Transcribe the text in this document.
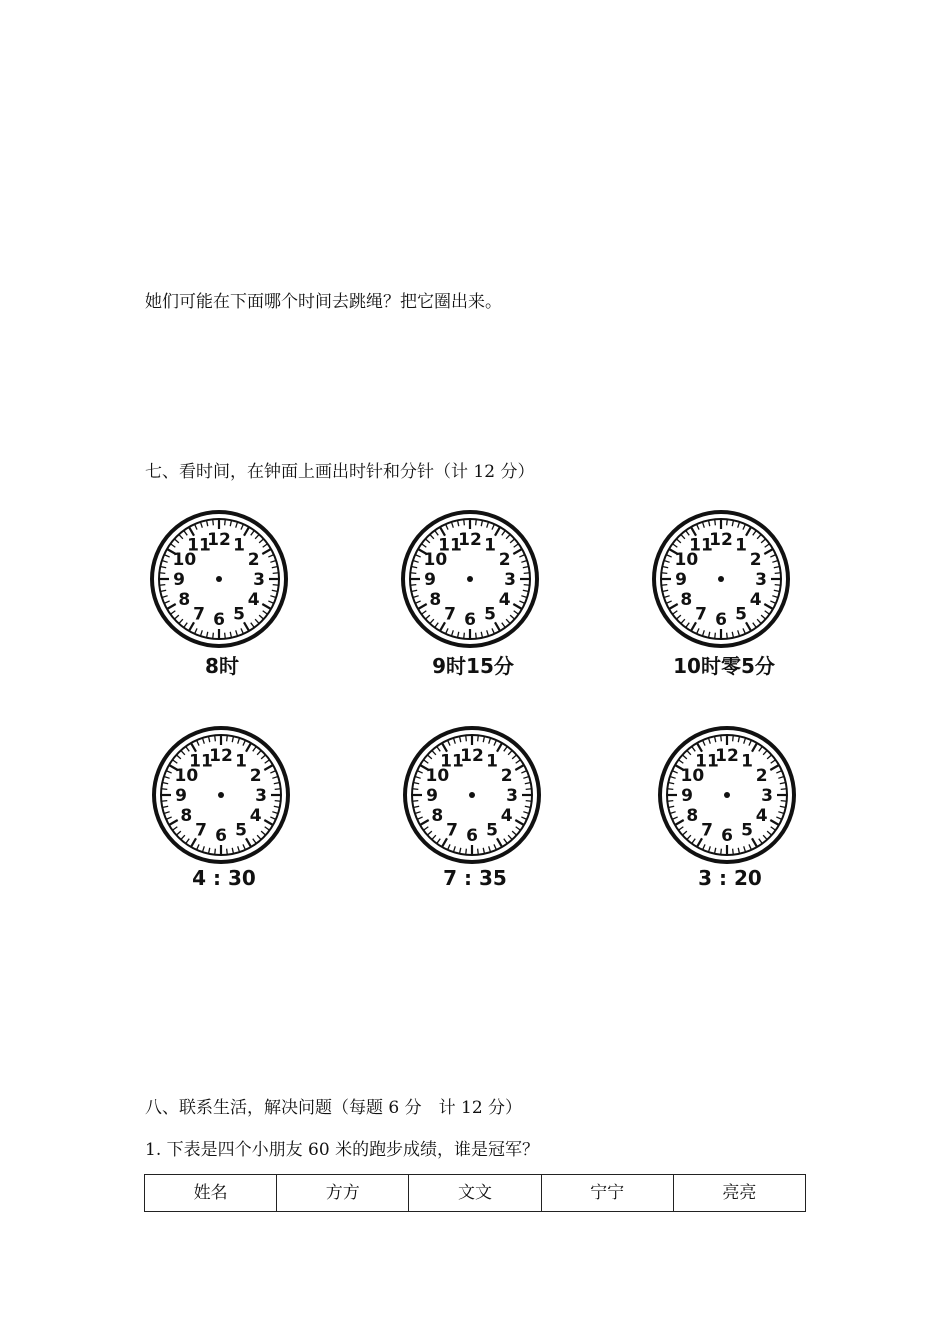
她们可能在下面哪个时间去跳绳？把它圈出来。
七、看时间，在钟面上画出时针和分针（计 12 分）
12 1
2
3
4
5
6
7
8
9
10
11
8时
12 1
2
3
4
5
6
7
8
9
10
11
9时15分
12 1
2
3
4
5
6
7
8
9
10
11
10时零5分
12 1
2
3
4
5
6
7
8
9
10
11
4 : 30
12 1
2
3
4
5
6
7
8
9
10
11
7 : 35
12 1
2
3
4
5
6
7
8
9
10
11
3 : 20
八、联系生活，解决问题（每题 6 分　计 12 分）
1. 下表是四个小朋友 60 米的跑步成绩，谁是冠军？
姓名	方方	文文	宁宁	亮亮
